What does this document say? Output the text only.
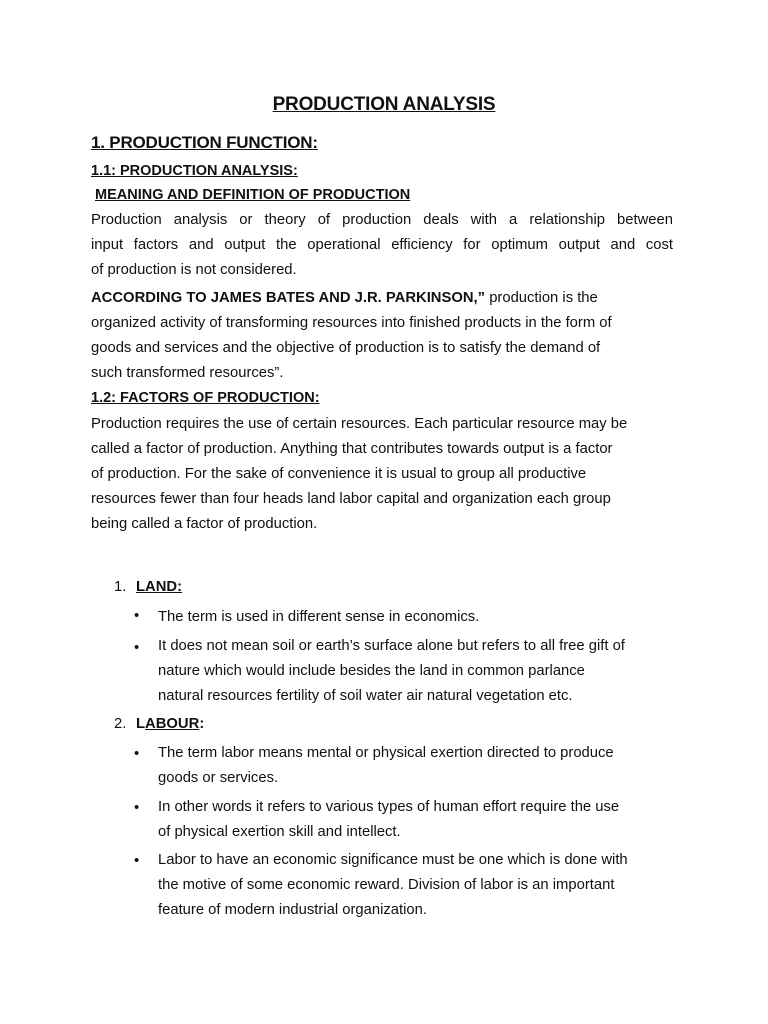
PRODUCTION ANALYSIS
1. PRODUCTION FUNCTION:
1.1: PRODUCTION ANALYSIS:
MEANING AND DEFINITION OF PRODUCTION
Production analysis or theory of production deals with a relationship between
input factors and output the operational efficiency for optimum output and cost
of production is not considered.
ACCORDING TO JAMES BATES AND J.R. PARKINSON,” production is the
organized activity of transforming resources into finished products in the form of
goods and services and the objective of production is to satisfy the demand of
such transformed resources”.
1.2: FACTORS OF PRODUCTION:
Production requires the use of certain resources. Each particular resource may be
called a factor of production. Anything that contributes towards output is a factor
of production. For the sake of convenience it is usual to group all productive
resources fewer than four heads land labor capital and organization each group
being called a factor of production.
1. LAND:
• The term is used in different sense in economics.
• It does not mean soil or earth’s surface alone but refers to all free gift of
nature which would include besides the land in common parlance
natural resources fertility of soil water air natural vegetation etc.
2. LABOUR:
• The term labor means mental or physical exertion directed to produce
goods or services.
• In other words it refers to various types of human effort require the use
of physical exertion skill and intellect.
• Labor to have an economic significance must be one which is done with
the motive of some economic reward. Division of labor is an important
feature of modern industrial organization.
